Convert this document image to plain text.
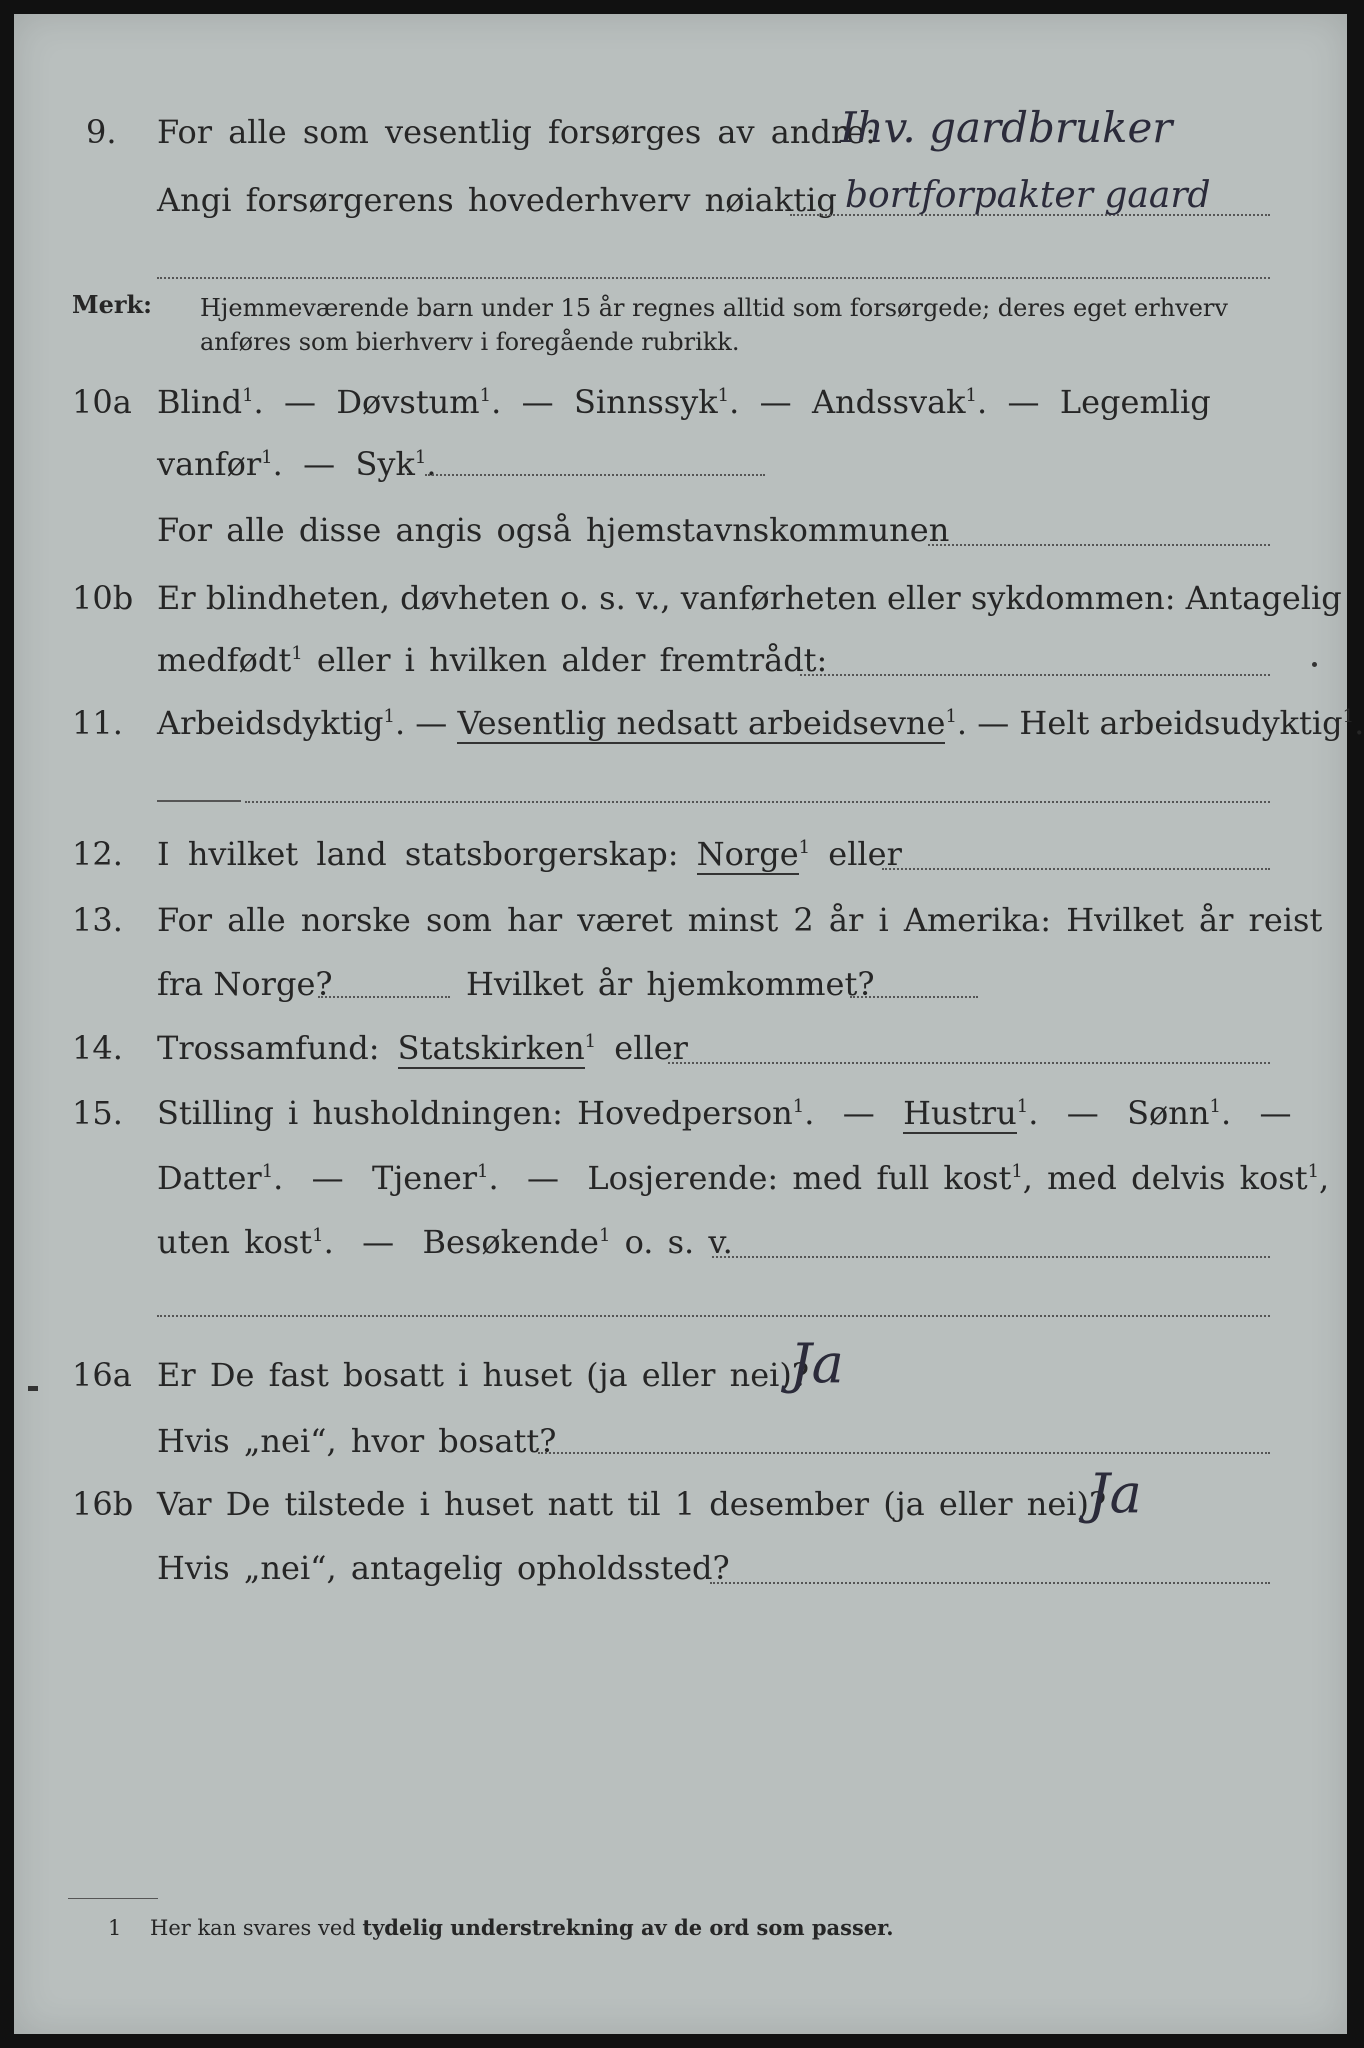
9. For alle som vesentlig forsørges av andre:
Angi forsørgerens hovederhverv nøiaktig
Ihv. gardbruker
bortforpakter gaard
Merk: Hjemmeværende barn under 15 år regnes alltid som forsørgede; deres eget erhverv
anføres som bierhverv i foregående rubrikk.
10a Blind$^1$.  —  Døvstum$^1$.  —  Sinnssyk$^1$.  —  Andssvak$^1$.  —  Legemlig
vanfør$^1$.  —  Syk$^1$.
For alle disse angis også hjemstavnskommunen
10b Er blindheten, døvheten o. s. v., vanførheten eller sykdommen: Antagelig
medfødt$^1$ eller i hvilken alder fremtrådt:
11. Arbeidsdyktig$^1$. — Vesentlig nedsatt arbeidsevne$^1$. — Helt arbeidsudyktig$^1$.
12. I hvilket land statsborgerskap: Norge$^1$ eller
13. For alle norske som har været minst 2 år i Amerika: Hvilket år reist
fra Norge?	Hvilket år hjemkommet?
14. Trossamfund: Statskirken$^1$ eller
15. Stilling i husholdningen: Hovedperson$^1$.  —  Hustru$^1$.  —  Sønn$^1$.  —
Datter$^1$.  —  Tjener$^1$.  —  Losjerende: med full kost$^1$, med delvis kost$^1$,
uten kost$^1$.  —  Besøkende$^1$ o. s. v.
16a Er De fast bosatt i huset (ja eller nei)?
Ja
Hvis „nei“, hvor bosatt?
16b Var De tilstede i huset natt til 1 desember (ja eller nei)?
Ja
Hvis „nei“, antagelig opholdssted?
1 Her kan svares ved tydelig understrekning av de ord som passer.
